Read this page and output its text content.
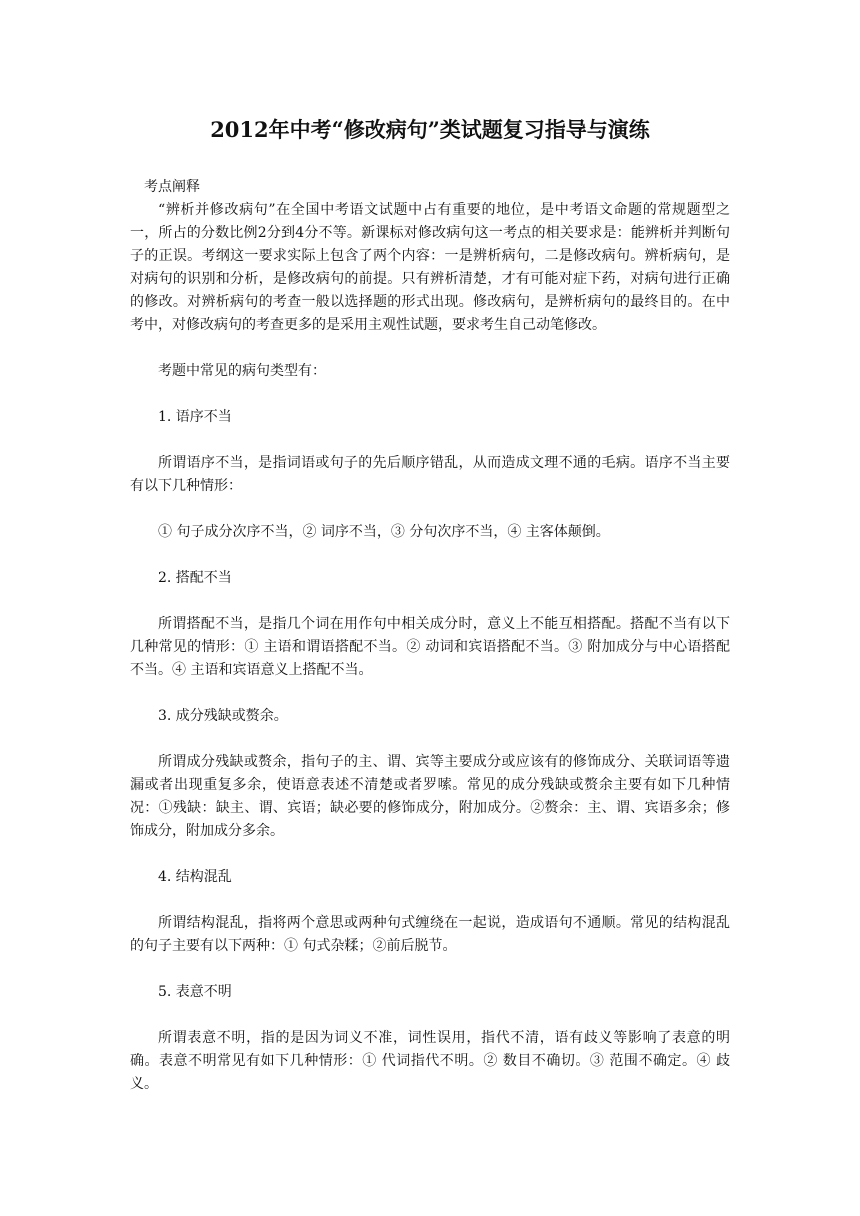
2012年中考“修改病句”类试题复习指导与演练

考点阐释

“辨析并修改病句”在全国中考语文试题中占有重要的地位，是中考语文命题的常规题型之一，所占的分数比例2分到4分不等。新课标对修改病句这一考点的相关要求是：能辨析并判断句子的正误。考纲这一要求实际上包含了两个内容：一是辨析病句，二是修改病句。辨析病句，是对病句的识别和分析，是修改病句的前提。只有辨析清楚，才有可能对症下药，对病句进行正确的修改。对辨析病句的考查一般以选择题的形式出现。修改病句，是辨析病句的最终目的。在中考中，对修改病句的考查更多的是采用主观性试题，要求考生自己动笔修改。

考题中常见的病句类型有：

1. 语序不当

所谓语序不当，是指词语或句子的先后顺序错乱，从而造成文理不通的毛病。语序不当主要有以下几种情形：

① 句子成分次序不当，② 词序不当，③ 分句次序不当，④ 主客体颠倒。

2. 搭配不当

所谓搭配不当，是指几个词在用作句中相关成分时，意义上不能互相搭配。搭配不当有以下几种常见的情形：① 主语和谓语搭配不当。② 动词和宾语搭配不当。③ 附加成分与中心语搭配不当。④ 主语和宾语意义上搭配不当。

3. 成分残缺或赘余。

所谓成分残缺或赘余，指句子的主、谓、宾等主要成分或应该有的修饰成分、关联词语等遗漏或者出现重复多余，使语意表述不清楚或者罗嗦。常见的成分残缺或赘余主要有如下几种情况：①残缺：缺主、谓、宾语；缺必要的修饰成分，附加成分。②赘余：主、谓、宾语多余；修饰成分，附加成分多余。

4. 结构混乱

所谓结构混乱，指将两个意思或两种句式缠绕在一起说，造成语句不通顺。常见的结构混乱的句子主要有以下两种：① 句式杂糅；②前后脱节。

5. 表意不明

所谓表意不明，指的是因为词义不准，词性误用，指代不清，语有歧义等影响了表意的明确。表意不明常见有如下几种情形：① 代词指代不明。② 数目不确切。③ 范围不确定。④ 歧义。
